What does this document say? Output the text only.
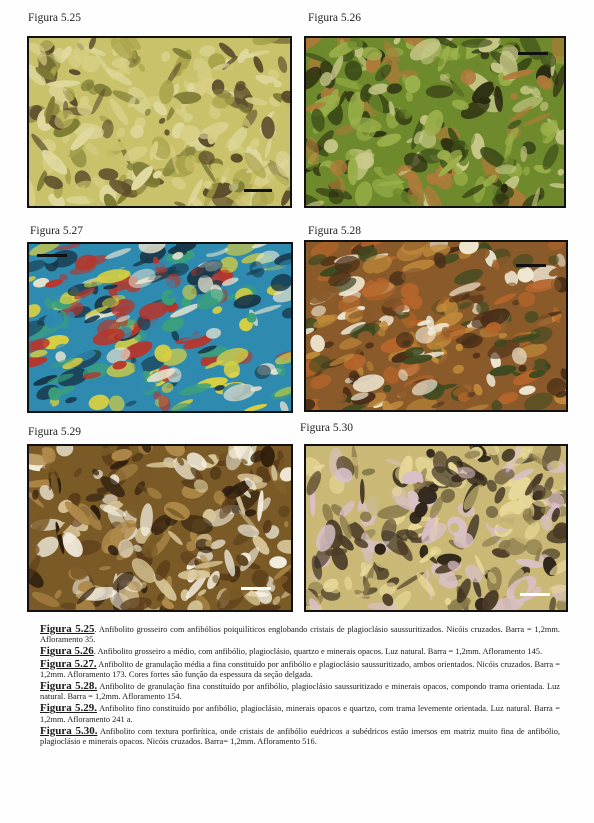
Figura 5.25	Figura 5.26
Figura 5.27	Figura 5.28
Figura 5.29	Figura 5.30

Figura 5.25. Anfibolito grosseiro com anfibólios poiquilíticos englobando cristais de plagioclásio saussuritizados. Nicóis cruzados. Barra = 1,2mm. Afloramento 35.

Figura 5.26. Anfibolito grosseiro a médio, com anfibólio, plagioclásio, quartzo e minerais opacos. Luz natural. Barra = 1,2mm. Afloramento 145.

Figura 5.27. Anfibolito de granulação média a fina constituído por anfibólio e plagioclásio saussuritizado, ambos orientados. Nicóis cruzados. Barra = 1,2mm. Afloramento 173. Cores fortes são função da espessura da seção delgada.

Figura 5.28. Anfibolito de granulação fina constituído por anfibólio, plagioclásio saussuritizado e minerais opacos, compondo trama orientada. Luz natural. Barra = 1,2mm. Afloramento 154.

Figura 5.29. Anfibolito fino constituído por anfibólio, plagioclásio, minerais opacos e quartzo, com trama levemente orientada. Luz natural. Barra = 1,2mm. Afloramento 241 a.

Figura 5.30. Anfibolito com textura porfirítica, onde cristais de anfibólio euédricos a subédricos estão imersos em matriz muito fina de anfibólio, plagioclásio e minerais opacos. Nicóis cruzados. Barra= 1,2mm. Afloramento 516.
